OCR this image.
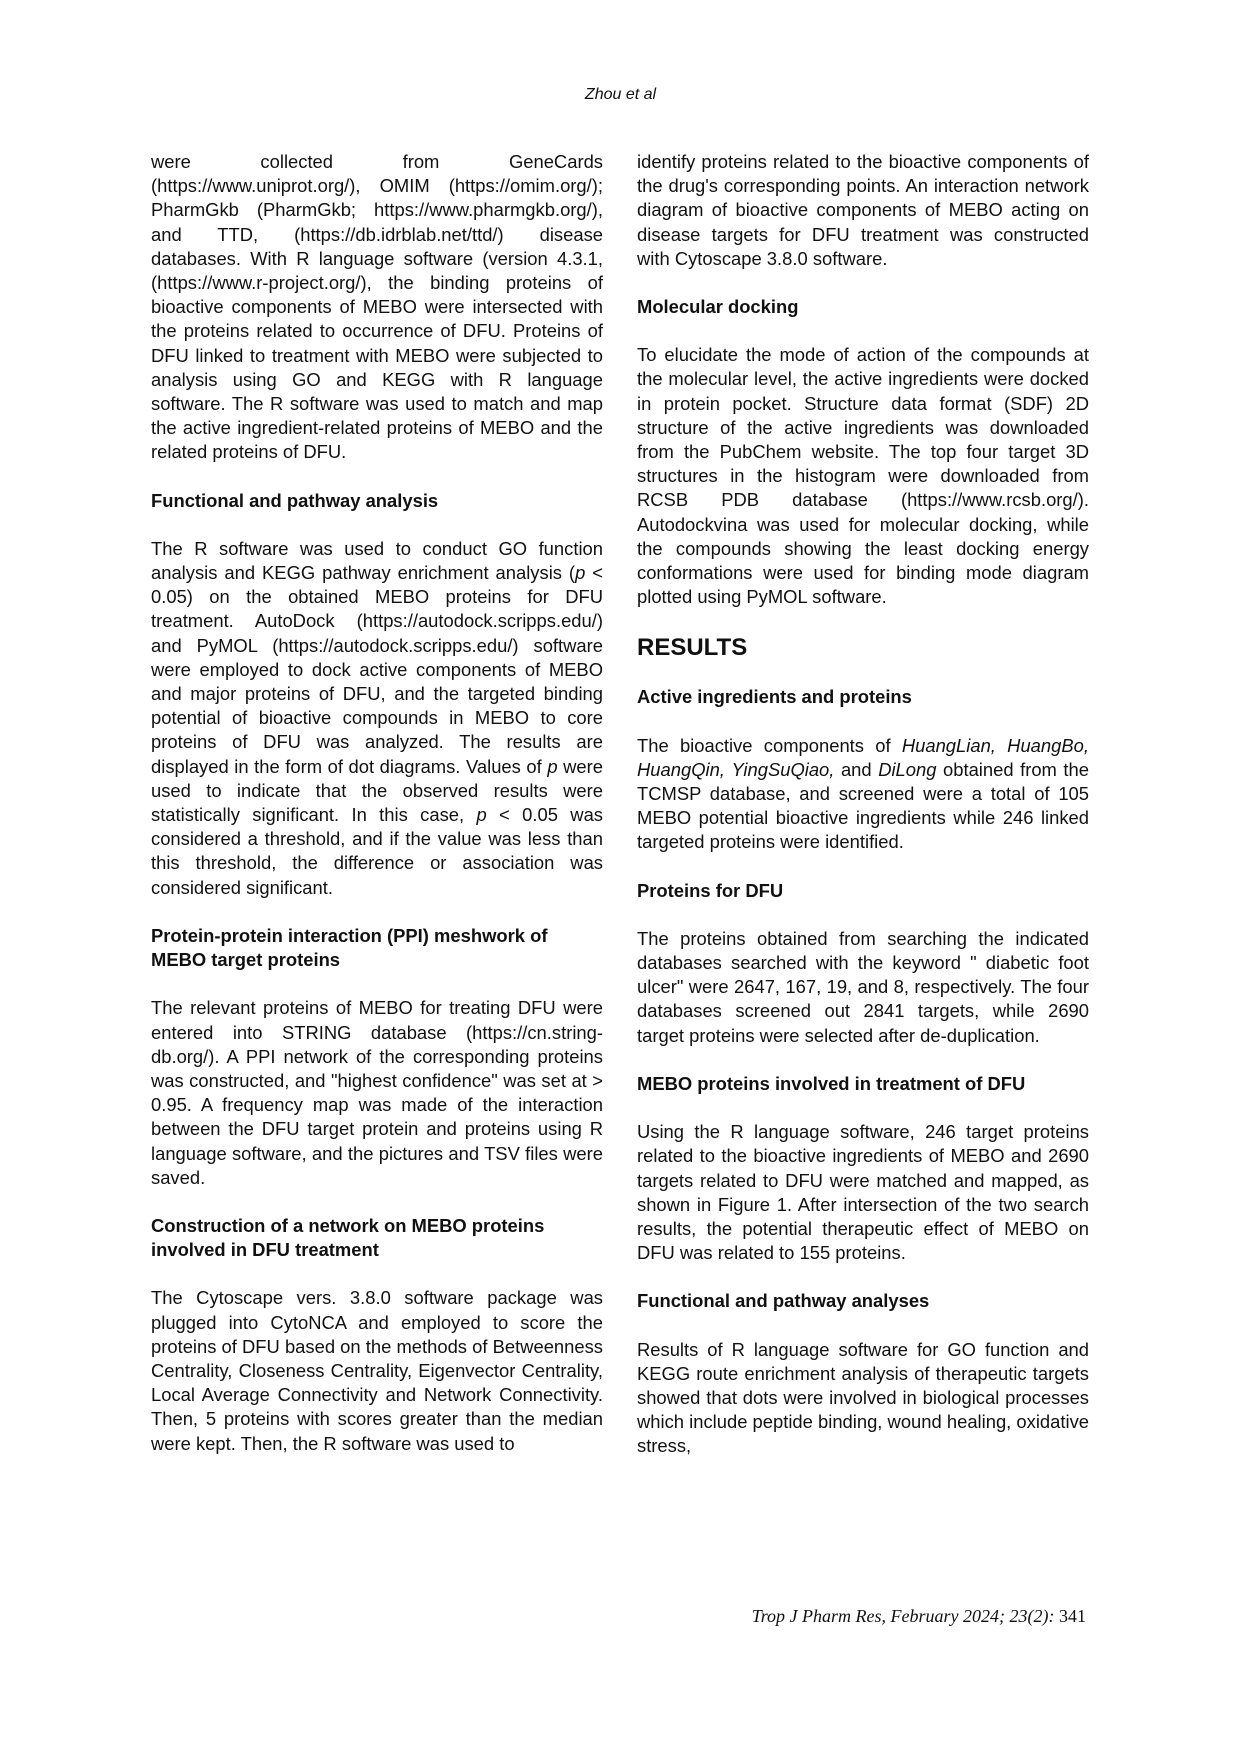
Zhou et al

were collected from GeneCards (https://www.uniprot.org/), OMIM (https://omim.org/); PharmGkb (PharmGkb; https://www.pharmgkb.org/), and TTD, (https://db.idrblab.net/ttd/) disease databases. With R language software (version 4.3.1, (https://www.r-project.org/), the binding proteins of bioactive components of MEBO were intersected with the proteins related to occurrence of DFU. Proteins of DFU linked to treatment with MEBO were subjected to analysis using GO and KEGG with R language software. The R software was used to match and map the active ingredient-related proteins of MEBO and the related proteins of DFU.

Functional and pathway analysis

The R software was used to conduct GO function analysis and KEGG pathway enrichment analysis (p < 0.05) on the obtained MEBO proteins for DFU treatment. AutoDock (https://autodock.scripps.edu/) and PyMOL (https://autodock.scripps.edu/) software were employed to dock active components of MEBO and major proteins of DFU, and the targeted binding potential of bioactive compounds in MEBO to core proteins of DFU was analyzed. The results are displayed in the form of dot diagrams. Values of p were used to indicate that the observed results were statistically significant. In this case, p < 0.05 was considered a threshold, and if the value was less than this threshold, the difference or association was considered significant.

Protein-protein interaction (PPI) meshwork of MEBO target proteins

The relevant proteins of MEBO for treating DFU were entered into STRING database (https://cn.string-db.org/). A PPI network of the corresponding proteins was constructed, and "highest confidence" was set at > 0.95. A frequency map was made of the interaction between the DFU target protein and proteins using R language software, and the pictures and TSV files were saved.

Construction of a network on MEBO proteins involved in DFU treatment

The Cytoscape vers. 3.8.0 software package was plugged into CytoNCA and employed to score the proteins of DFU based on the methods of Betweenness Centrality, Closeness Centrality, Eigenvector Centrality, Local Average Connectivity and Network Connectivity. Then, 5 proteins with scores greater than the median were kept. Then, the R software was used to

identify proteins related to the bioactive components of the drug's corresponding points. An interaction network diagram of bioactive components of MEBO acting on disease targets for DFU treatment was constructed with Cytoscape 3.8.0 software.

Molecular docking

To elucidate the mode of action of the compounds at the molecular level, the active ingredients were docked in protein pocket. Structure data format (SDF) 2D structure of the active ingredients was downloaded from the PubChem website. The top four target 3D structures in the histogram were downloaded from RCSB PDB database (https://www.rcsb.org/). Autodockvina was used for molecular docking, while the compounds showing the least docking energy conformations were used for binding mode diagram plotted using PyMOL software.

RESULTS
Active ingredients and proteins

The bioactive components of HuangLian, HuangBo, HuangQin, YingSuQiao, and DiLong obtained from the TCMSP database, and screened were a total of 105 MEBO potential bioactive ingredients while 246 linked targeted proteins were identified.

Proteins for DFU

The proteins obtained from searching the indicated databases searched with the keyword " diabetic foot ulcer" were 2647, 167, 19, and 8, respectively. The four databases screened out 2841 targets, while 2690 target proteins were selected after de-duplication.

MEBO proteins involved in treatment of DFU

Using the R language software, 246 target proteins related to the bioactive ingredients of MEBO and 2690 targets related to DFU were matched and mapped, as shown in Figure 1. After intersection of the two search results, the potential therapeutic effect of MEBO on DFU was related to 155 proteins.

Functional and pathway analyses

Results of R language software for GO function and KEGG route enrichment analysis of therapeutic targets showed that dots were involved in biological processes which include peptide binding, wound healing, oxidative stress,

Trop J Pharm Res, February 2024; 23(2): 341
